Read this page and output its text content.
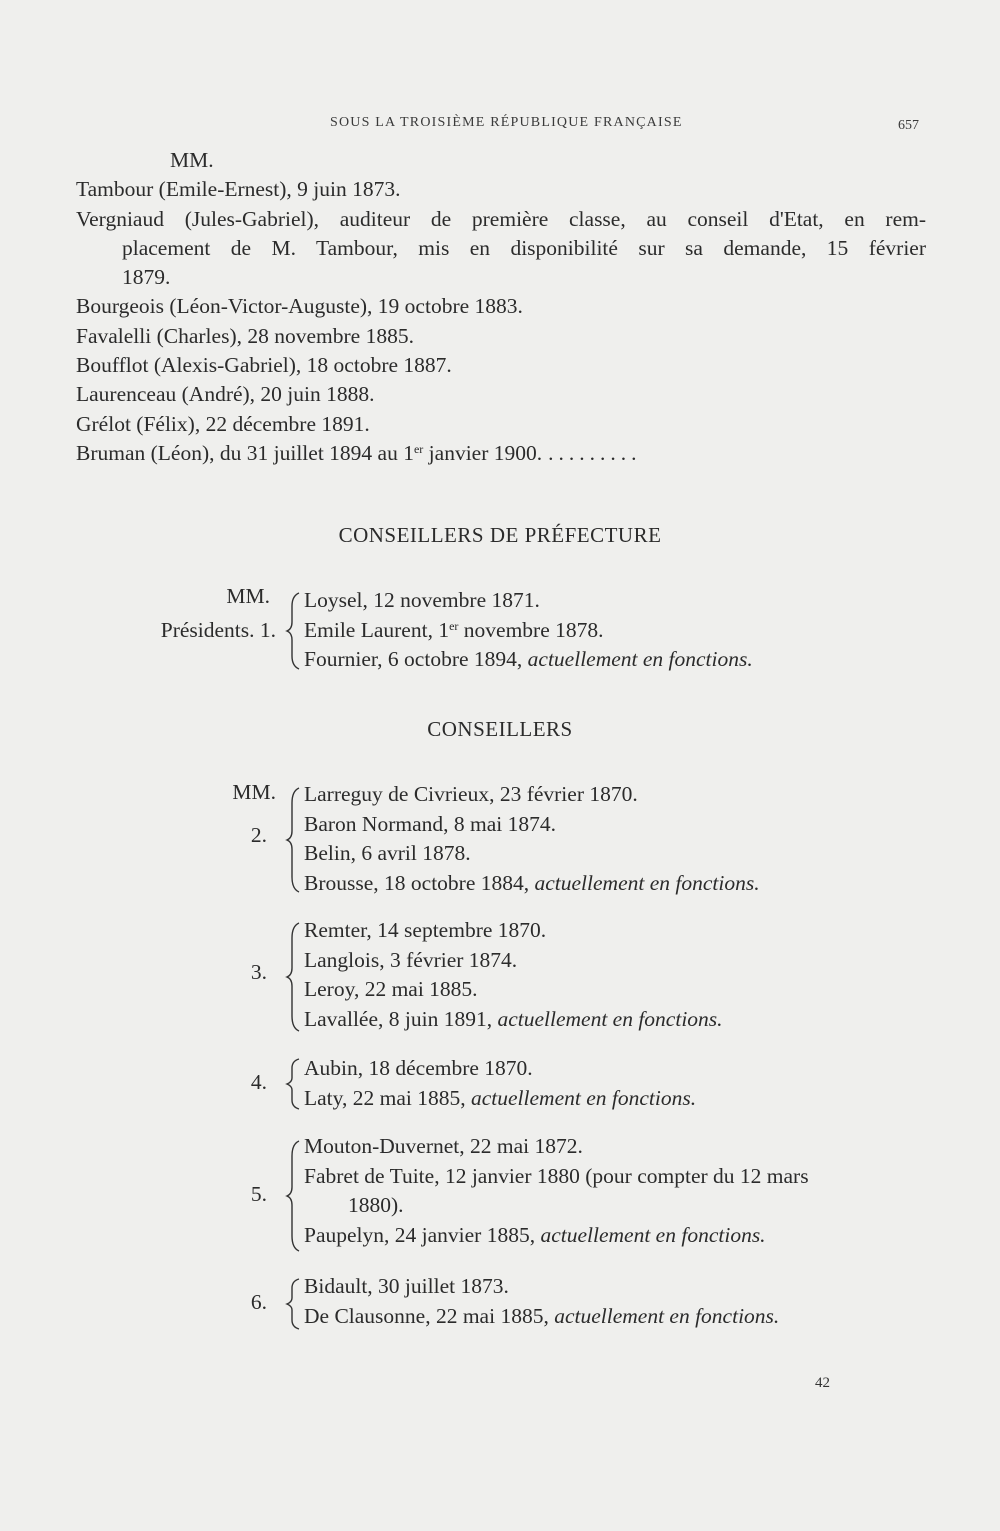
SOUS LA TROISIÈME RÉPUBLIQUE FRANÇAISE	657
MM.
Tambour (Emile-Ernest), 9 juin 1873.
Vergniaud (Jules-Gabriel), auditeur de première classe, au conseil d'Etat, en rem-
placement de M. Tambour, mis en disponibilité sur sa demande, 15 février
1879.
Bourgeois (Léon-Victor-Auguste), 19 octobre 1883.
Favalelli (Charles), 28 novembre 1885.
Boufflot (Alexis-Gabriel), 18 octobre 1887.
Laurenceau (André), 20 juin 1888.
Grélot (Félix), 22 décembre 1891.
Bruman (Léon), du 31 juillet 1894 au 1er janvier 1900. .........
CONSEILLERS DE PRÉFECTURE
MM.
Présidents. 1.
Loysel, 12 novembre 1871.
Emile Laurent, 1er novembre 1878.
Fournier, 6 octobre 1894, actuellement en fonctions.
CONSEILLERS
MM.
2.
Larreguy de Civrieux, 23 février 1870.
Baron Normand, 8 mai 1874.
Belin, 6 avril 1878.
Brousse, 18 octobre 1884, actuellement en fonctions.
3.
Remter, 14 septembre 1870.
Langlois, 3 février 1874.
Leroy, 22 mai 1885.
Lavallée, 8 juin 1891, actuellement en fonctions.
4.
Aubin, 18 décembre 1870.
Laty, 22 mai 1885, actuellement en fonctions.
5.
Mouton-Duvernet, 22 mai 1872.
Fabret de Tuite, 12 janvier 1880 (pour compter du 12 mars
1880).
Paupelyn, 24 janvier 1885, actuellement en fonctions.
6.
Bidault, 30 juillet 1873.
De Clausonne, 22 mai 1885, actuellement en fonctions.
42
